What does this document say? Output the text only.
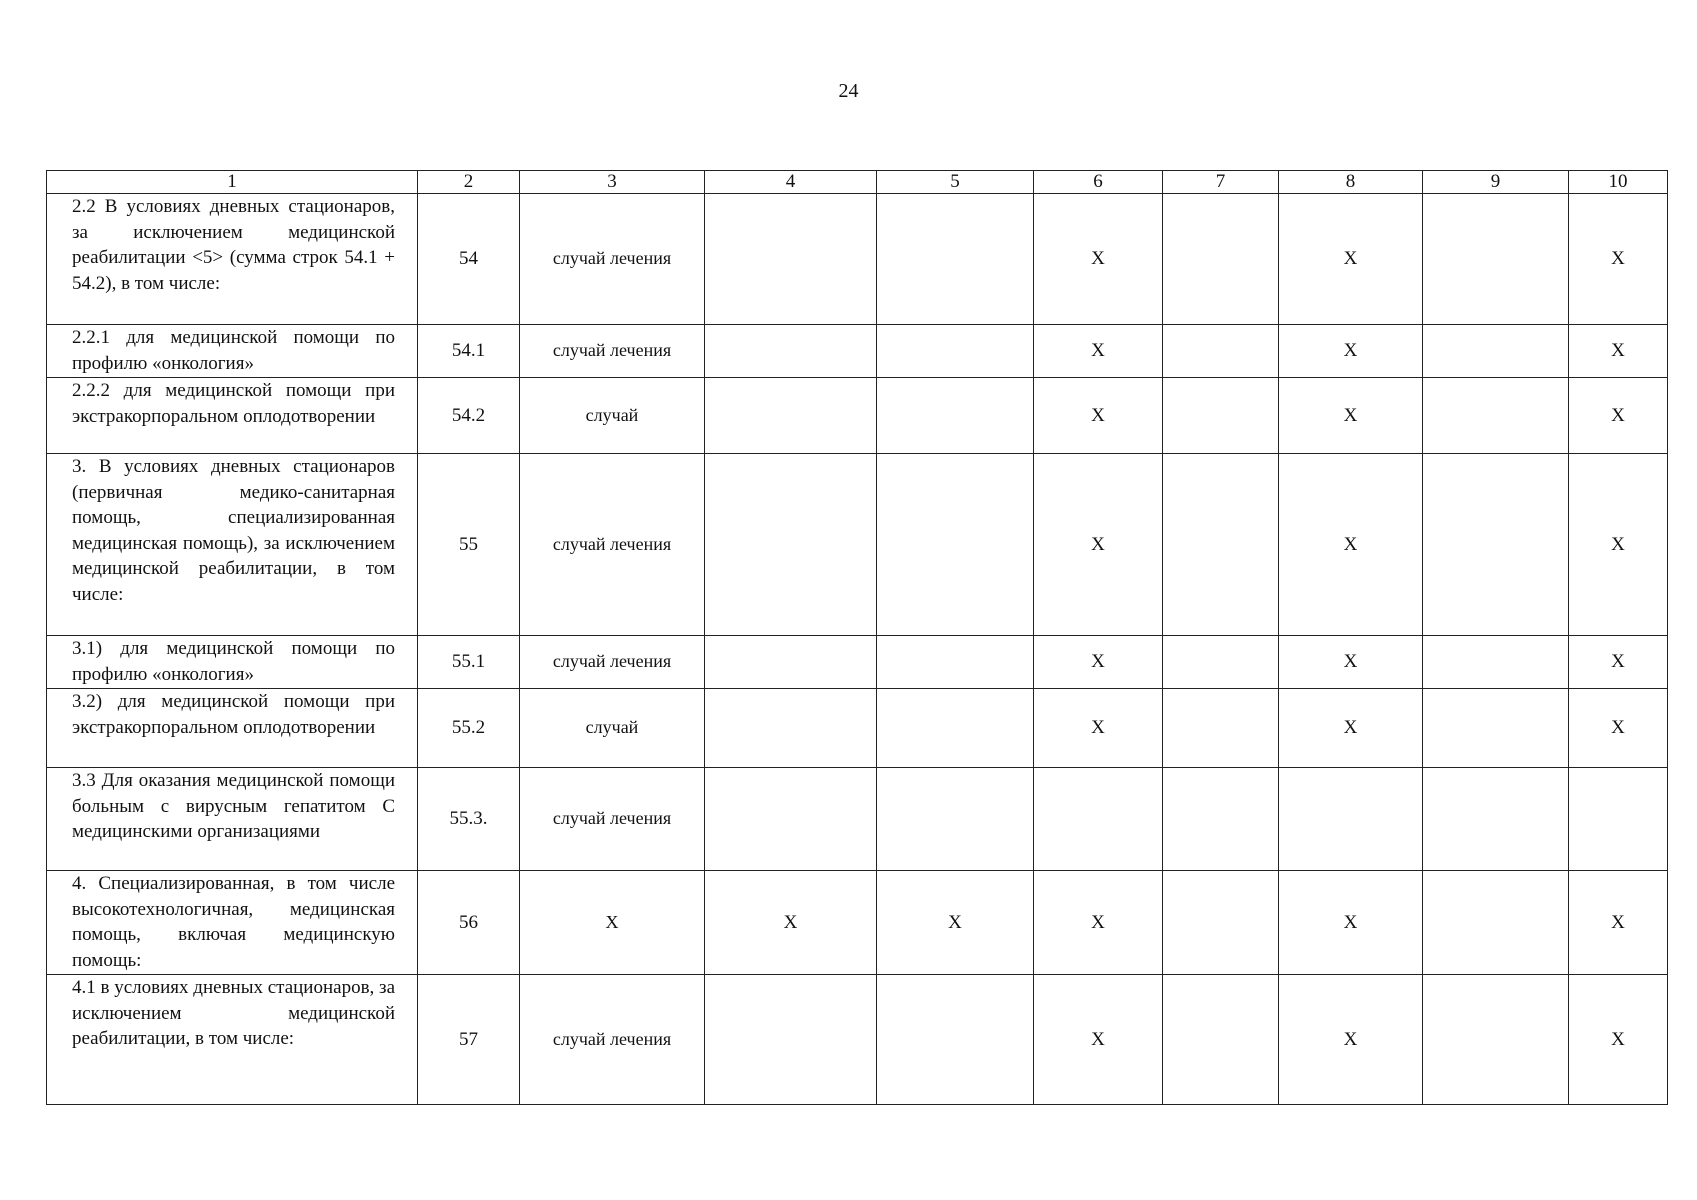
24
1	2	3	4	5	6	7	8	9	10
2.2 В условиях дневных стационаров, за исключением медицинской реабилитации <5> (сумма строк 54.1 + 54.2), в том числе:	54	случай лечения			X		X		X
2.2.1 для медицинской помощи по профилю «онкология»	54.1	случай лечения			X		X		X
2.2.2 для медицинской помощи при экстракорпоральном оплодотворении	54.2	случай			X		X		X
3. В условиях дневных стационаров (первичная медико-санитарная помощь, специализированная медицинская помощь), за исключением медицинской реабилитации, в том числе:	55	случай лечения			X		X		X
3.1) для медицинской помощи по профилю «онкология»	55.1	случай лечения			X		X		X
3.2) для медицинской помощи при экстракорпоральном оплодотворении	55.2	случай			X		X		X
3.3 Для оказания медицинской помощи больным с вирусным гепатитом С медицинскими организациями	55.3.	случай лечения							
4. Специализированная, в том числе высокотехнологичная, медицинская помощь, включая медицинскую помощь:	56	X	X	X	X		X		X
4.1 в условиях дневных стационаров, за исключением медицинской реабилитации, в том числе:	57	случай лечения			X		X		X
